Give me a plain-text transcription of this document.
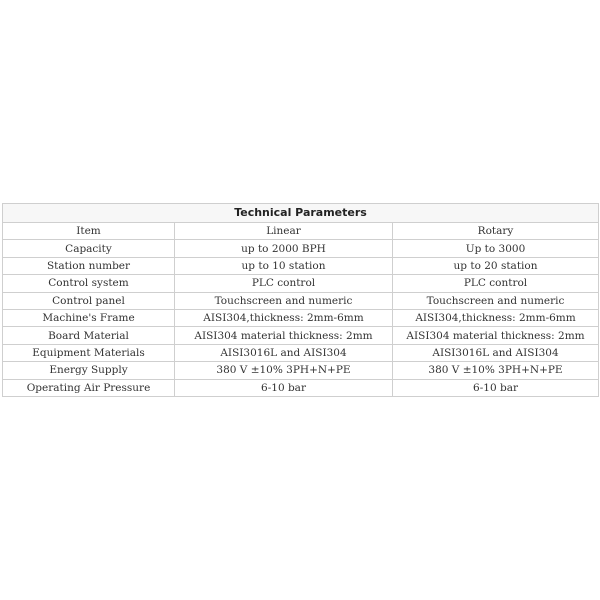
Technical Parameters		
Item	Linear	Rotary
Capacity	up to 2000 BPH	Up to 3000
Station number	up to 10 station	up to 20 station
Control system	PLC control	PLC control
Control panel	Touchscreen and numeric	Touchscreen and numeric
Machine's Frame	AISI304,thickness: 2mm-6mm	AISI304,thickness: 2mm-6mm
Board Material	AISI304 material thickness: 2mm	AISI304 material thickness: 2mm
Equipment Materials	AISI3016L and AISI304	AISI3016L and AISI304
Energy Supply	380 V ±10% 3PH+N+PE	380 V ±10% 3PH+N+PE
Operating Air Pressure	6-10 bar	6-10 bar
